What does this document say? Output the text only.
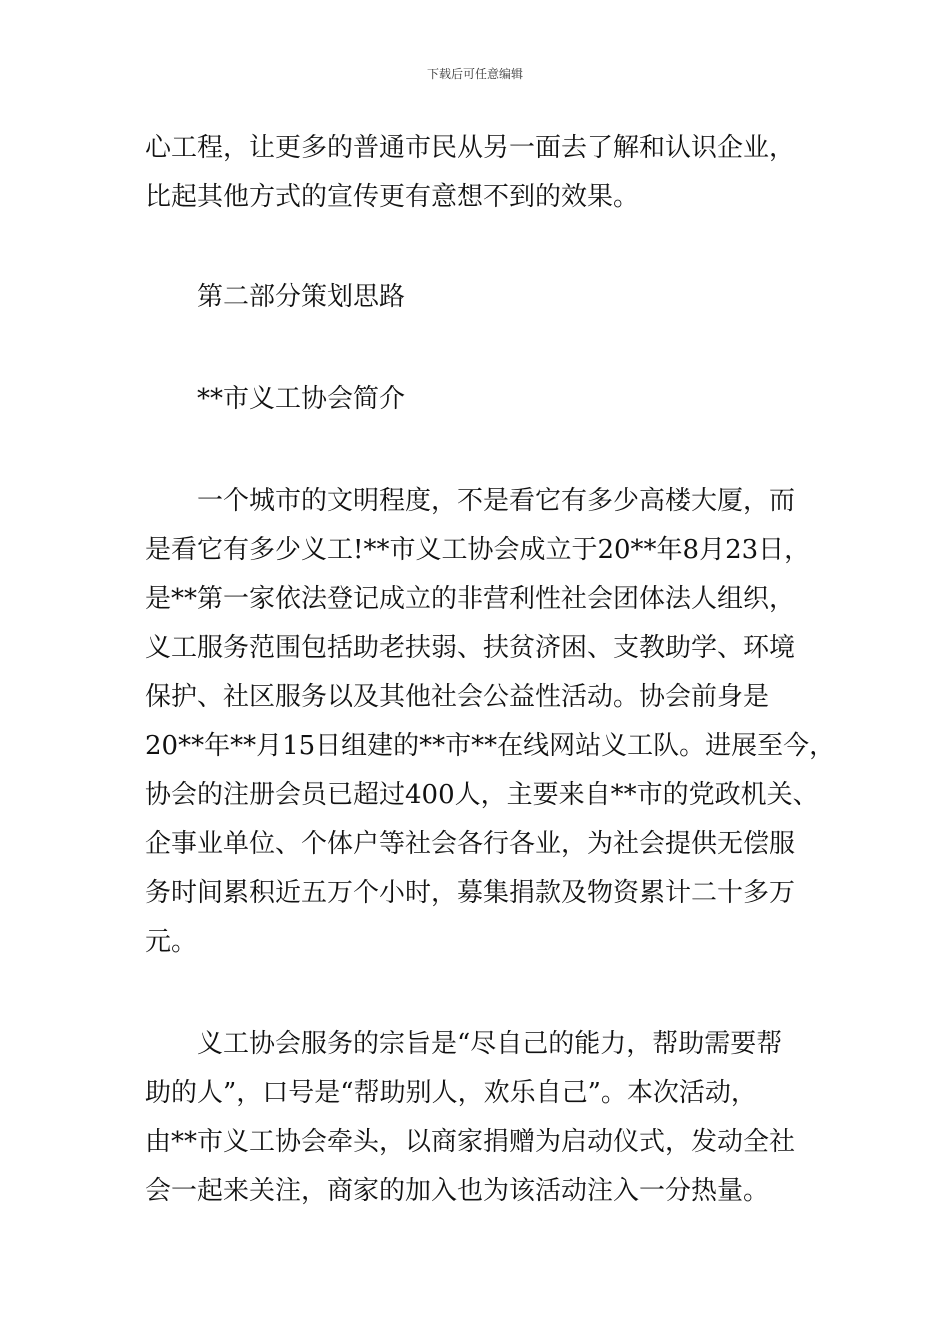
下载后可任意编辑

心工程，让更多的普通市民从另一面去了解和认识企业，
比起其他方式的宣传更有意想不到的效果。

第二部分策划思路

**市义工协会简介

一个城市的文明程度，不是看它有多少高楼大厦，而
是看它有多少义工!**市义工协会成立于20**年8月23日，
是**第一家依法登记成立的非营利性社会团体法人组织，
义工服务范围包括助老扶弱、扶贫济困、支教助学、环境
保护、社区服务以及其他社会公益性活动。协会前身是
20**年**月15日组建的**市**在线网站义工队。进展至今，
协会的注册会员已超过400人，主要来自**市的党政机关、
企事业单位、个体户等社会各行各业，为社会提供无偿服
务时间累积近五万个小时，募集捐款及物资累计二十多万
元。

义工协会服务的宗旨是“尽自己的能力，帮助需要帮
助的人”，口号是“帮助别人，欢乐自己”。本次活动，
由**市义工协会牵头，以商家捐赠为启动仪式，发动全社
会一起来关注，商家的加入也为该活动注入一分热量。
